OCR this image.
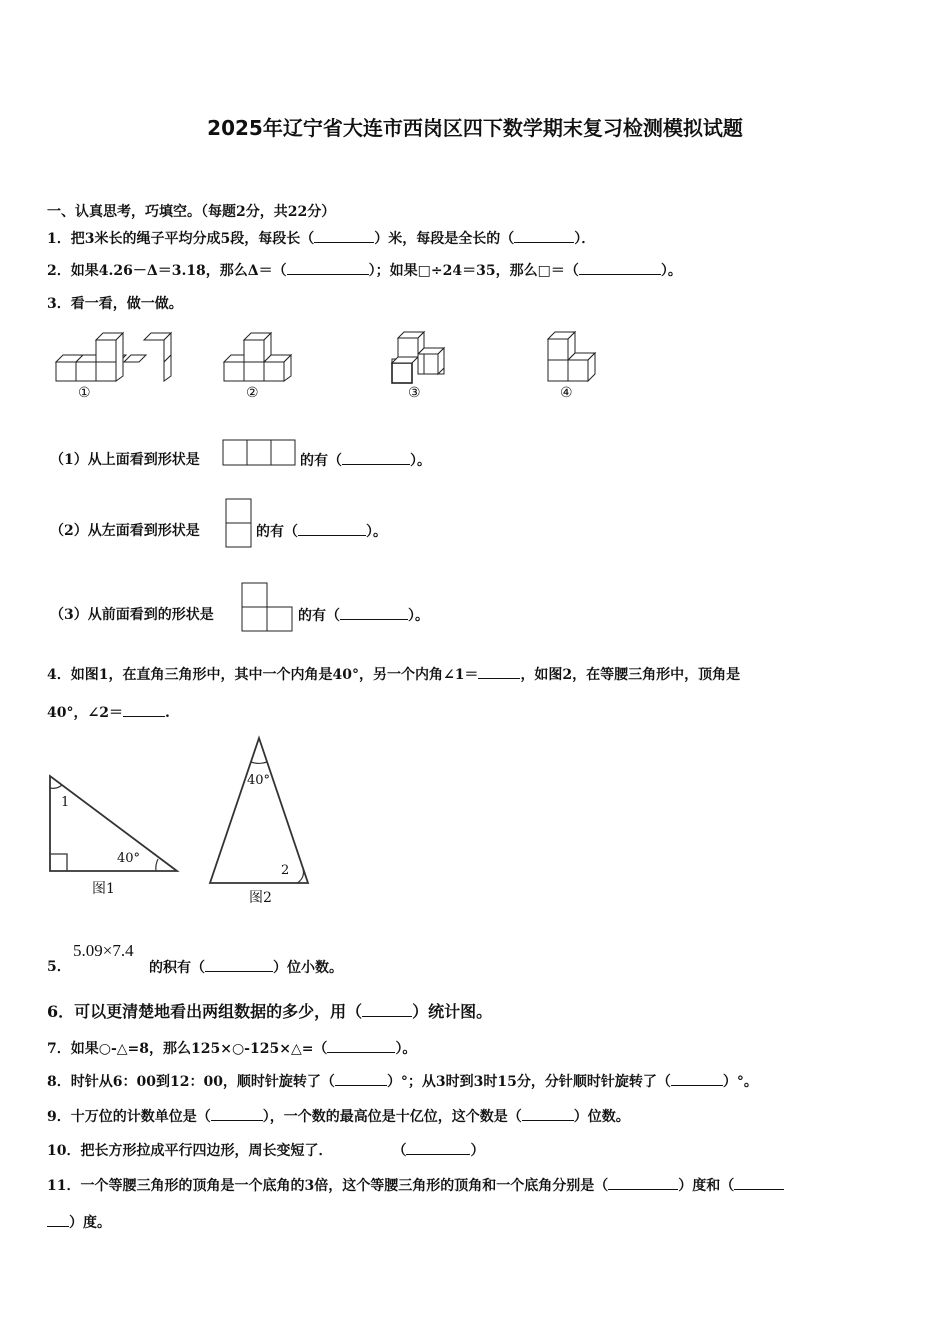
2025年辽宁省大连市西岗区四下数学期末复习检测模拟试题
一、认真思考，巧填空。（每题2分，共22分）
1．把3米长的绳子平均分成5段，每段长（	）米，每段是全长的（	）．
2．如果4.26－Δ＝3.18，那么Δ＝（	）；如果□÷24＝35，那么□＝（	）。
3．看一看，做一做。
①	②	③	④
（1）从上面看到形状是	的有（	）。
（2）从左面看到形状是	的有（	）。
（3）从前面看到的形状是	的有（	）。
4．如图1，在直角三角形中，其中一个内角是40°，另一个内角∠1＝	，如图2，在等腰三角形中，顶角是
40°，∠2＝	.
1
40°
图1
40°
2
图2
5．
5.09×7.4
的积有（	）位小数。
6．可以更清楚地看出两组数据的多少，用（	）统计图。
7．如果○-△=8，那么125×○-125×△=（	）。
8．时针从6：00到12：00，顺时针旋转了（	）°；从3时到3时15分，分针顺时针旋转了（	）°。
9．十万位的计数单位是（	），一个数的最高位是十亿位，这个数是（	）位数。
10．把长方形拉成平行四边形，周长变短了．	（	）
11．一个等腰三角形的顶角是一个底角的3倍，这个等腰三角形的顶角和一个底角分别是（	）度和（
）度。
